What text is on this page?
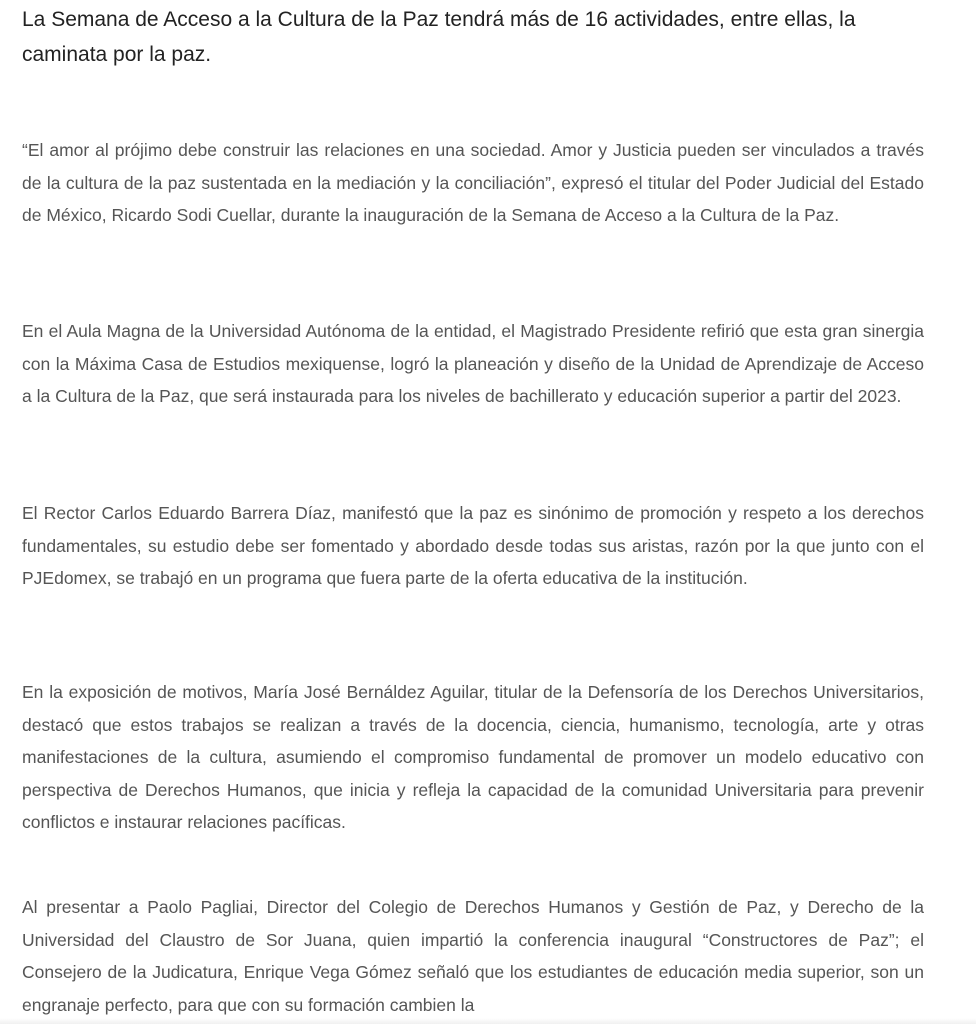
La Semana de Acceso a la Cultura de la Paz tendrá más de 16 actividades, entre ellas, la caminata por la paz.

“El amor al prójimo debe construir las relaciones en una sociedad. Amor y Justicia pueden ser vinculados a través de la cultura de la paz sustentada en la mediación y la conciliación”, expresó el titular del Poder Judicial del Estado de México, Ricardo Sodi Cuellar, durante la inauguración de la Semana de Acceso a la Cultura de la Paz.

En el Aula Magna de la Universidad Autónoma de la entidad, el Magistrado Presidente refirió que esta gran sinergia con la Máxima Casa de Estudios mexiquense, logró la planeación y diseño de la Unidad de Aprendizaje de Acceso a la Cultura de la Paz, que será instaurada para los niveles de bachillerato y educación superior a partir del 2023.

El Rector Carlos Eduardo Barrera Díaz, manifestó que la paz es sinónimo de promoción y respeto a los derechos fundamentales, su estudio debe ser fomentado y abordado desde todas sus aristas, razón por la que junto con el PJEdomex, se trabajó en un programa que fuera parte de la oferta educativa de la institución.

En la exposición de motivos, María José Bernáldez Aguilar, titular de la Defensoría de los Derechos Universitarios, destacó que estos trabajos se realizan a través de la docencia, ciencia, humanismo, tecnología, arte y otras manifestaciones de la cultura, asumiendo el compromiso fundamental de promover un modelo educativo con perspectiva de Derechos Humanos, que inicia y refleja la capacidad de la comunidad Universitaria para prevenir conflictos e instaurar relaciones pacíficas.

Al presentar a Paolo Pagliai, Director del Colegio de Derechos Humanos y Gestión de Paz, y Derecho de la Universidad del Claustro de Sor Juana, quien impartió la conferencia inaugural “Constructores de Paz”; el Consejero de la Judicatura, Enrique Vega Gómez señaló que los estudiantes de educación media superior, son un engranaje perfecto, para que con su formación cambien la
